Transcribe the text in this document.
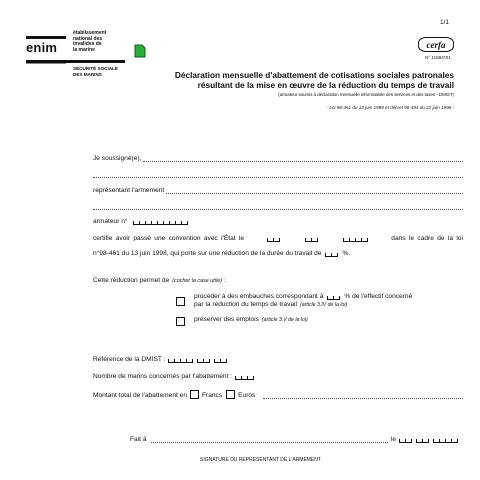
enim
établissement
national des
invalides de
la marine
SÉCURITÉ SOCIALE
DES MARINS
1/1
cerfa
N° 11594*01
Déclaration mensuelle d'abattement de cotisations sociales patronales
résultant de la mise en œuvre de la réduction du temps de travail
(armateur soumis à déclaration mensuelle informatisée des services et des taxes - DMIST)
- Loi 98-461 du 13 juin 1998 et décret 98-494 du 22 juin 1998 -
Je soussigné(e),
représentant l'armement
armateur n°
certifie avoir passé une convention avec l'État le	dans le cadre de la loi
n°98-461 du 13 juin 1998, qui porte sur une réduction de la durée du travail de	%.
Cette réduction permet de (cocher la case utile) :
procéder à des embauches correspondant à	% de l'effectif concerné
par la réduction du temps de travail (article 3.IV de la loi)
préserver des emplois (article 3.V de la loi)
Référence de la DMIST :
Nombre de marins concernés par l'abattement :
Montant total de l'abattement en Francs Euros
Fait à	le
SIGNATURE DU REPRÉSENTANT DE L'ARMEMENT
